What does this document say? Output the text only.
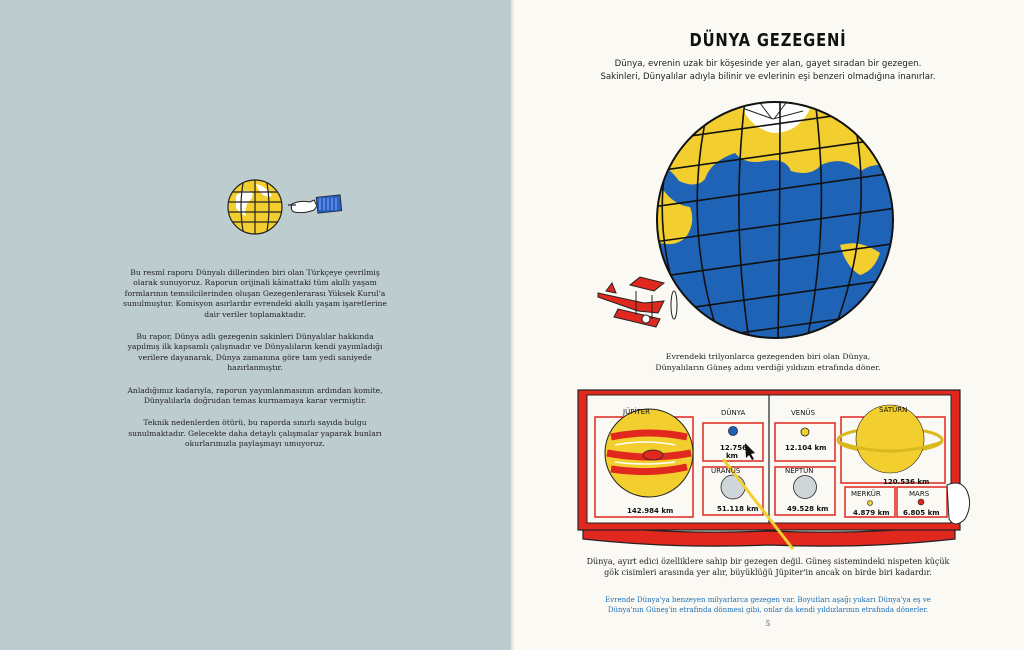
Bu resmî raporu Dünyalı dillerinden biri olan Türkçeye çevrilmiş olarak sunuyoruz. Raporun orijinali kâinattaki tüm akıllı yaşam formlarının temsilcilerinden oluşan Gezegenlerarası Yüksek Kurul'a sunulmuştur. Komisyon asırlardır evrendeki akıllı yaşam işaretlerine dair veriler toplamaktadır.

Bu rapor, Dünya adlı gezegenin sakinleri Dünyalılar hakkında yapılmış ilk kapsamlı çalışmadır ve Dünyalıların kendi yayımladığı verilere dayanarak, Dünya zamanına göre tam yedi saniyede hazırlanmıştır.

Anladığımız kadarıyla, raporun yayımlanmasının ardından komite, Dünyalılarla doğrudan temas kurmamaya karar vermiştir.

Teknik nedenlerden ötürü, bu raporda sınırlı sayıda bulgu sunulmaktadır. Gelecekte daha detaylı çalışmalar yaparak bunları okurlarımızla paylaşmayı umuyoruz.

DÜNYA GEZEGENİ
Dünya, evrenin uzak bir köşesinde yer alan, gayet sıradan bir gezegen.
Sakinleri, Dünyalılar adıyla bilinir ve evlerinin eşi benzeri olmadığına inanırlar.
Evrendeki trilyonlarca gezegenden biri olan Dünya,
Dünyalıların Güneş adını verdiği yıldızın etrafında döner.
JÜPİTER
142.984 km
DÜNYA
12.756
km
VENÜS
12.104 km
SATÜRN
120.536 km
URANÜS
51.118 km
NEPTÜN
49.528 km
MERKÜR
4.879 km
MARS
6.805 km
Dünya, ayırt edici özelliklere sahip bir gezegen değil. Güneş sistemindeki nispeten küçük
gök cisimleri arasında yer alır, büyüklüğü Jüpiter'in ancak on birde biri kadardır.
Evrende Dünya'ya benzeyen milyarlarca gezegen var. Boyutları aşağı yukarı Dünya'ya eş ve
Dünya'nın Güneş'in etrafında dönmesi gibi, onlar da kendi yıldızlarının etrafında dönerler.
5
